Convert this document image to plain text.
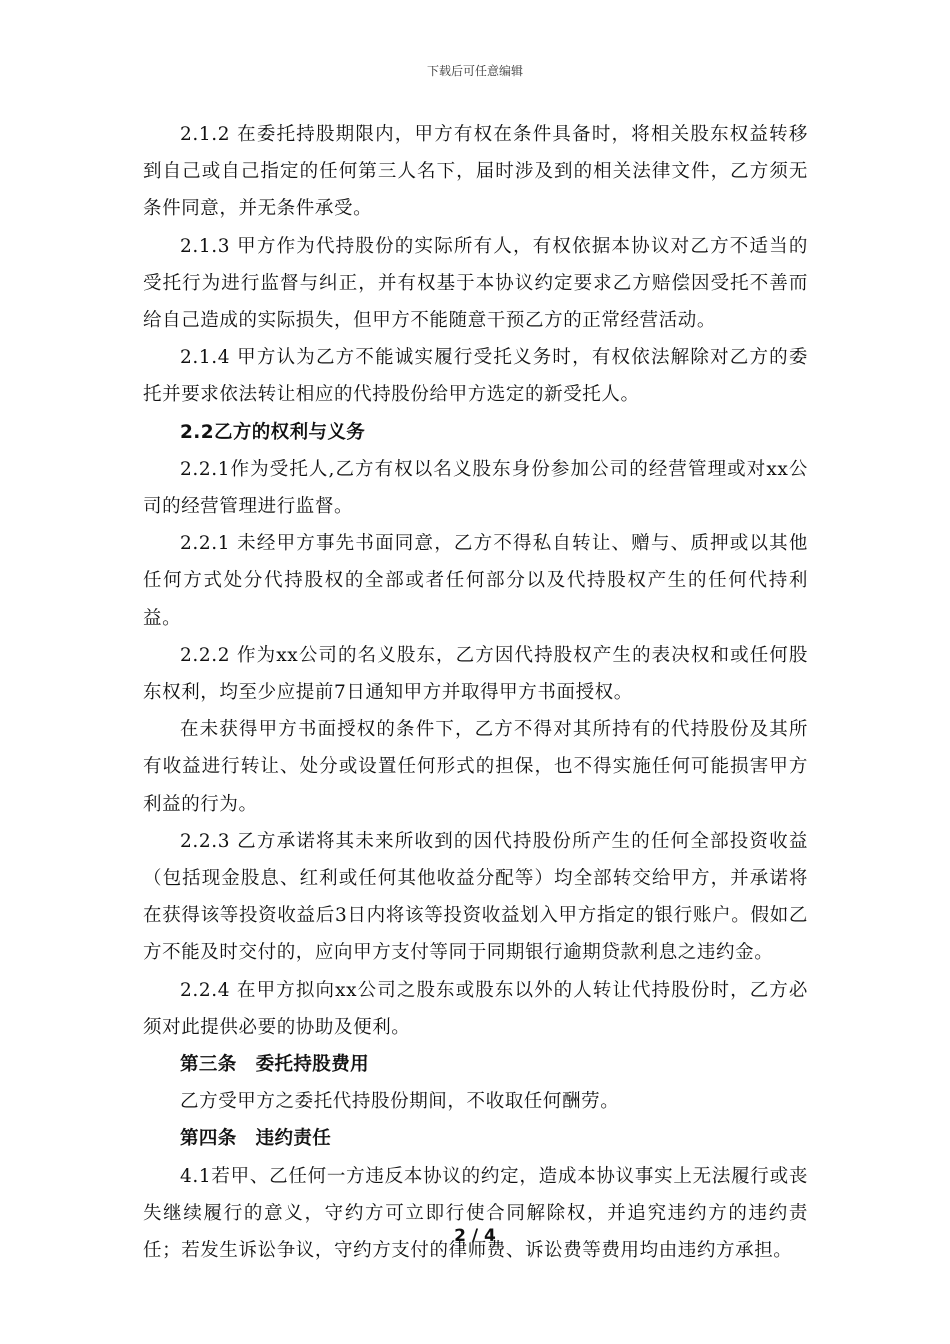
下载后可任意编辑

2.1.2 在委托持股期限内，甲方有权在条件具备时，将相关股东权益转移到自己或自己指定的任何第三人名下，届时涉及到的相关法律文件，乙方须无条件同意，并无条件承受。

2.1.3 甲方作为代持股份的实际所有人，有权依据本协议对乙方不适当的受托行为进行监督与纠正，并有权基于本协议约定要求乙方赔偿因受托不善而给自己造成的实际损失，但甲方不能随意干预乙方的正常经营活动。

2.1.4 甲方认为乙方不能诚实履行受托义务时，有权依法解除对乙方的委托并要求依法转让相应的代持股份给甲方选定的新受托人。

2.2乙方的权利与义务

2.2.1作为受托人,乙方有权以名义股东身份参加公司的经营管理或对xx公司的经营管理进行监督。

2.2.1 未经甲方事先书面同意，乙方不得私自转让、赠与、质押或以其他任何方式处分代持股权的全部或者任何部分以及代持股权产生的任何代持利益。

2.2.2 作为xx公司的名义股东，乙方因代持股权产生的表决权和或任何股东权利，均至少应提前7日通知甲方并取得甲方书面授权。

在未获得甲方书面授权的条件下，乙方不得对其所持有的代持股份及其所有收益进行转让、处分或设置任何形式的担保，也不得实施任何可能损害甲方利益的行为。

2.2.3 乙方承诺将其未来所收到的因代持股份所产生的任何全部投资收益（包括现金股息、红利或任何其他收益分配等）均全部转交给甲方，并承诺将在获得该等投资收益后3日内将该等投资收益划入甲方指定的银行账户。假如乙方不能及时交付的，应向甲方支付等同于同期银行逾期贷款利息之违约金。

2.2.4 在甲方拟向xx公司之股东或股东以外的人转让代持股份时，乙方必须对此提供必要的协助及便利。

第三条　委托持股费用

乙方受甲方之委托代持股份期间，不收取任何酬劳。

第四条　违约责任

4.1若甲、乙任何一方违反本协议的约定，造成本协议事实上无法履行或丧失继续履行的意义，守约方可立即行使合同解除权，并追究违约方的违约责任；若发生诉讼争议，守约方支付的律师费、诉讼费等费用均由违约方承担。

2 / 4
